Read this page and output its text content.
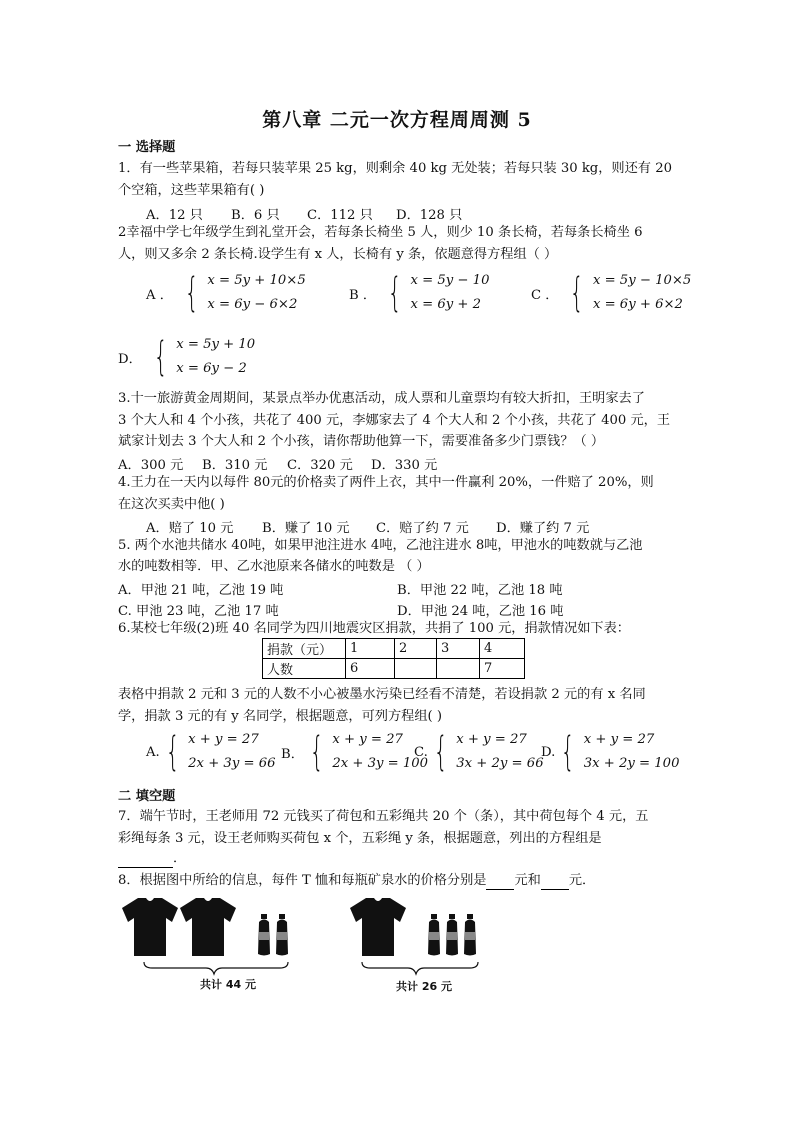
第八章 二元一次方程周周测 5
一 选择题
1．有一些苹果箱，若每只装苹果 25 kg，则剩余 40 kg 无处装；若每只装 30 kg，则还有 20
个空箱，这些苹果箱有( )
A．12 只 B．6 只 C．112 只 D．128 只
2幸福中学七年级学生到礼堂开会，若每条长椅坐 5 人，则少 10 条长椅，若每条长椅坐 6
人，则又多余 2 条长椅.设学生有 x 人，长椅有 y 条，依题意得方程组（ ）
A ． { x = 5y + 10×5
x = 6y − 6×2
B ． { x = 5y − 10
x = 6y + 2
C ． { x = 5y − 10×5
x = 6y + 6×2
D． { x = 5y + 10
x = 6y − 2
3.十一旅游黄金周期间，某景点举办优惠活动，成人票和儿童票均有较大折扣，王明家去了
3 个大人和 4 个小孩，共花了 400 元，李娜家去了 4 个大人和 2 个小孩，共花了 400 元，王
斌家计划去 3 个大人和 2 个小孩，请你帮助他算一下，需要准备多少门票钱？（ ）
A．300 元 B．310 元 C．320 元 D．330 元
4.王力在一天内以每件 80元的价格卖了两件上衣，其中一件赢利 20%，一件赔了 20%，则
在这次买卖中他( )
A．赔了 10 元 B．赚了 10 元 C．赔了约 7 元 D．赚了约 7 元
5. 两个水池共储水 40吨，如果甲池注进水 4吨，乙池注进水 8吨，甲池水的吨数就与乙池
水的吨数相等．甲、乙水池原来各储水的吨数是 （ ）
A．甲池 21 吨，乙池 19 吨	B．甲池 22 吨，乙池 18 吨
C. 甲池 23 吨，乙池 17 吨	D．甲池 24 吨，乙池 16 吨
6.某校七年级(2)班 40 名同学为四川地震灾区捐款，共捐了 100 元，捐款情况如下表：
捐款（元）	1	2	3	4
人数	6			7
表格中捐款 2 元和 3 元的人数不小心被墨水污染已经看不清楚，若设捐款 2 元的有 x 名同
学，捐款 3 元的有 y 名同学，根据题意，可列方程组( )
A. { x + y = 27
2x + 3y = 66
B． { x + y = 27
2x + 3y = 100
C. { x + y = 27
3x + 2y = 66
D. { x + y = 27
3x + 2y = 100
二 填空题
7．端午节时，王老师用 72 元钱买了荷包和五彩绳共 20 个（条），其中荷包每个 4 元，五
彩绳每条 3 元，设王老师购买荷包 x 个，五彩绳 y 条，根据题意，列出的方程组是
．
8．根据图中所给的信息，每件 T 恤和每瓶矿泉水的价格分别是 元和 元．
共计 44 元	共计 26 元
